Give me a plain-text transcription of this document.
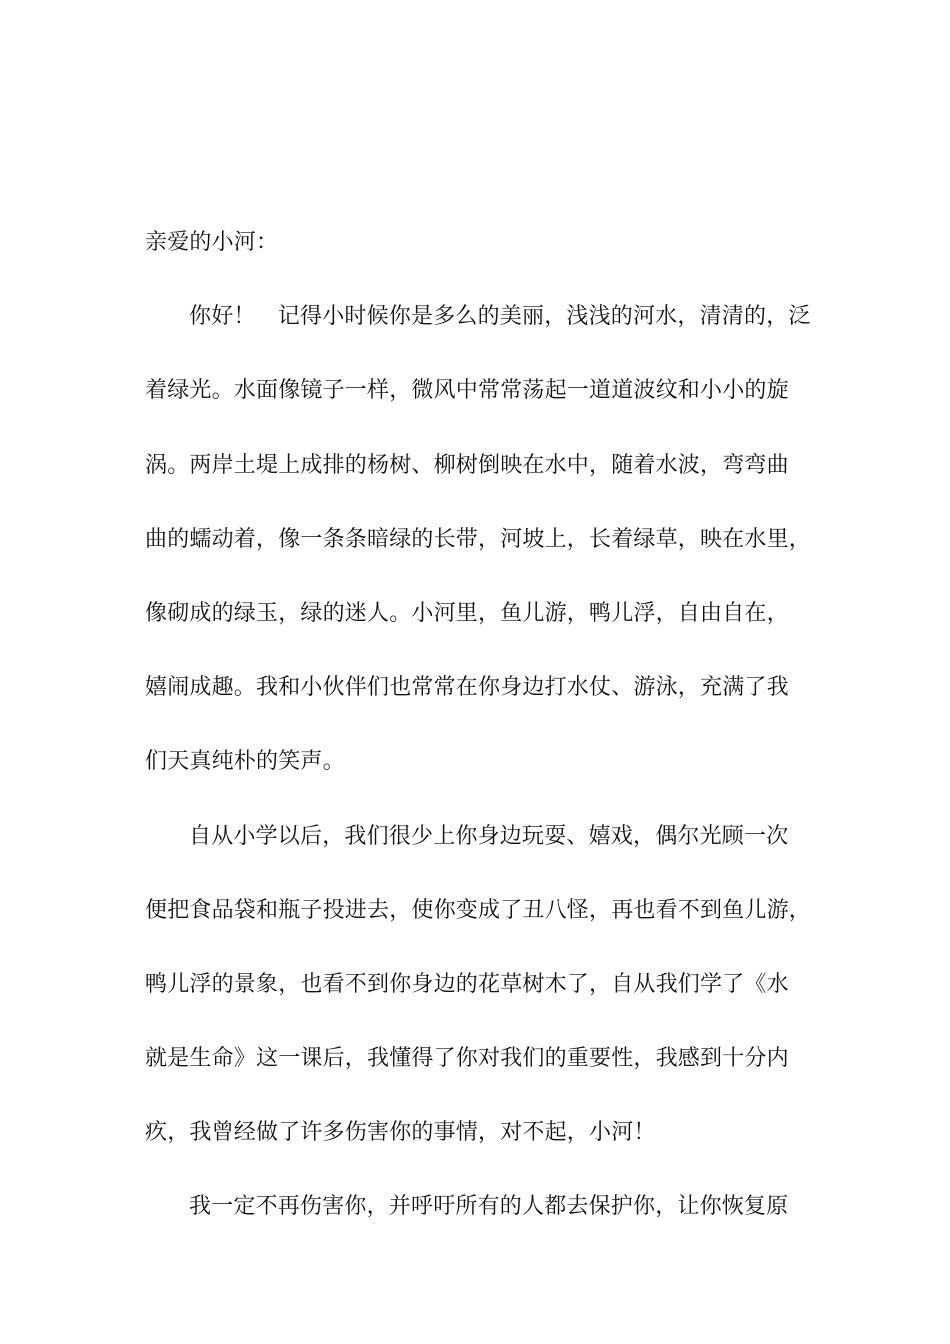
亲爱的小河：
你好！　记得小时候你是多么的美丽，浅浅的河水，清清的，泛
着绿光。水面像镜子一样，微风中常常荡起一道道波纹和小小的旋
涡。两岸土堤上成排的杨树、柳树倒映在水中，随着水波，弯弯曲
曲的蠕动着，像一条条暗绿的长带，河坡上，长着绿草，映在水里，
像砌成的绿玉，绿的迷人。小河里，鱼儿游，鸭儿浮，自由自在，
嬉闹成趣。我和小伙伴们也常常在你身边打水仗、游泳，充满了我
们天真纯朴的笑声。
自从小学以后，我们很少上你身边玩耍、嬉戏，偶尔光顾一次
便把食品袋和瓶子投进去，使你变成了丑八怪，再也看不到鱼儿游，
鸭儿浮的景象，也看不到你身边的花草树木了，自从我们学了《水
就是生命》这一课后，我懂得了你对我们的重要性，我感到十分内
疚，我曾经做了许多伤害你的事情，对不起，小河！
我一定不再伤害你，并呼吁所有的人都去保护你，让你恢复原
